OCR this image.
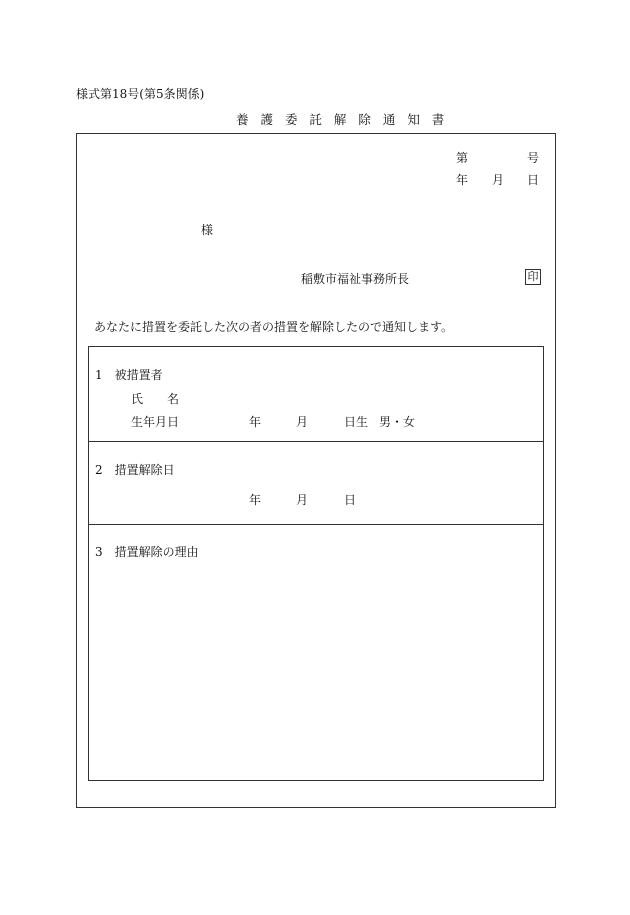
様式第18号(第5条関係)
養 護 委 託 解 除 通 知 書
第	号
年 月 日
様
稲敷市福祉事務所長	印
あなたに措置を委託した次の者の措置を解除したので通知します。
1　被措置者
氏　　名
生年月日	年	月	日生 男・女
2　措置解除日
年	月	日
3　措置解除の理由
